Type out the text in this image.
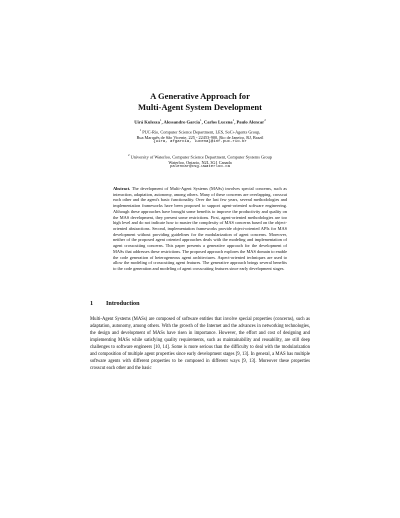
A Generative Approach for
Multi-Agent System Development
Uirá Kulesza$^1$, Alessandro Garcia$^1$, Carlos Lucena$^1$, Paulo Alencar$^2$
$^1$ PUC-Rio, Computer Science Department, LES, SoC+Agents Group,
Rua Marquês de São Vicente, 225 - 22453-900, Rio de Janeiro, RJ, Brazil
{uira, afgarcia, lucena}@inf.puc-rio.br
$^2$ University of Waterloo, Computer Science Department, Computer Systems Group
Waterloo, Ontario, N2L 3G1 Canada
palencar@csg.uwaterloo.ca
Abstract. The development of Multi-Agent Systems (MASs) involves special concerns, such as interaction, adaptation, autonomy, among others. Many of these concerns are overlapping, crosscut each other and the agent's basic functionality. Over the last few years, several methodologies and implementation frameworks have been proposed to support agent-oriented software engineering. Although these approaches have brought some benefits to improve the productivity and quality on the MAS development, they present some restrictions. First, agent-oriented methodologies are too high level and do not indicate how to master the complexity of MAS concerns based on the object-oriented abstractions. Second, implementation frameworks provide object-oriented APIs for MAS development without providing guidelines for the modularization of agent concerns. Moreover, neither of the proposed agent oriented approaches deals with the modeling and implementation of agent crosscutting concerns. This paper presents a generative approach for the development of MASs that addresses these restrictions. The proposed approach explores the MAS domain to enable the code generation of heterogeneous agent architectures. Aspect-oriented techniques are used to allow the modeling of crosscutting agent features. The generative approach brings several benefits to the code generation and modeling of agent crosscutting features since early development stages.
1 Introduction
Multi-Agent Systems (MASs) are composed of software entities that involve special properties (concerns), such as adaptation, autonomy, among others. With the growth of the Internet and the advances in networking technologies, the design and development of MASs have risen in importance. However, the effort and cost of designing and implementing MASs while satisfying quality requirements, such as maintainability and reusability, are still deep challenges to software engineers [10, 14]. Some is more serious than the difficulty to deal with the modularization and composition of multiple agent properties since early development stages [9, 13]. In general, a MAS has multiple software agents with different properties to be composed in different ways [9, 13]. Moreover these properties crosscut each other and the basic
